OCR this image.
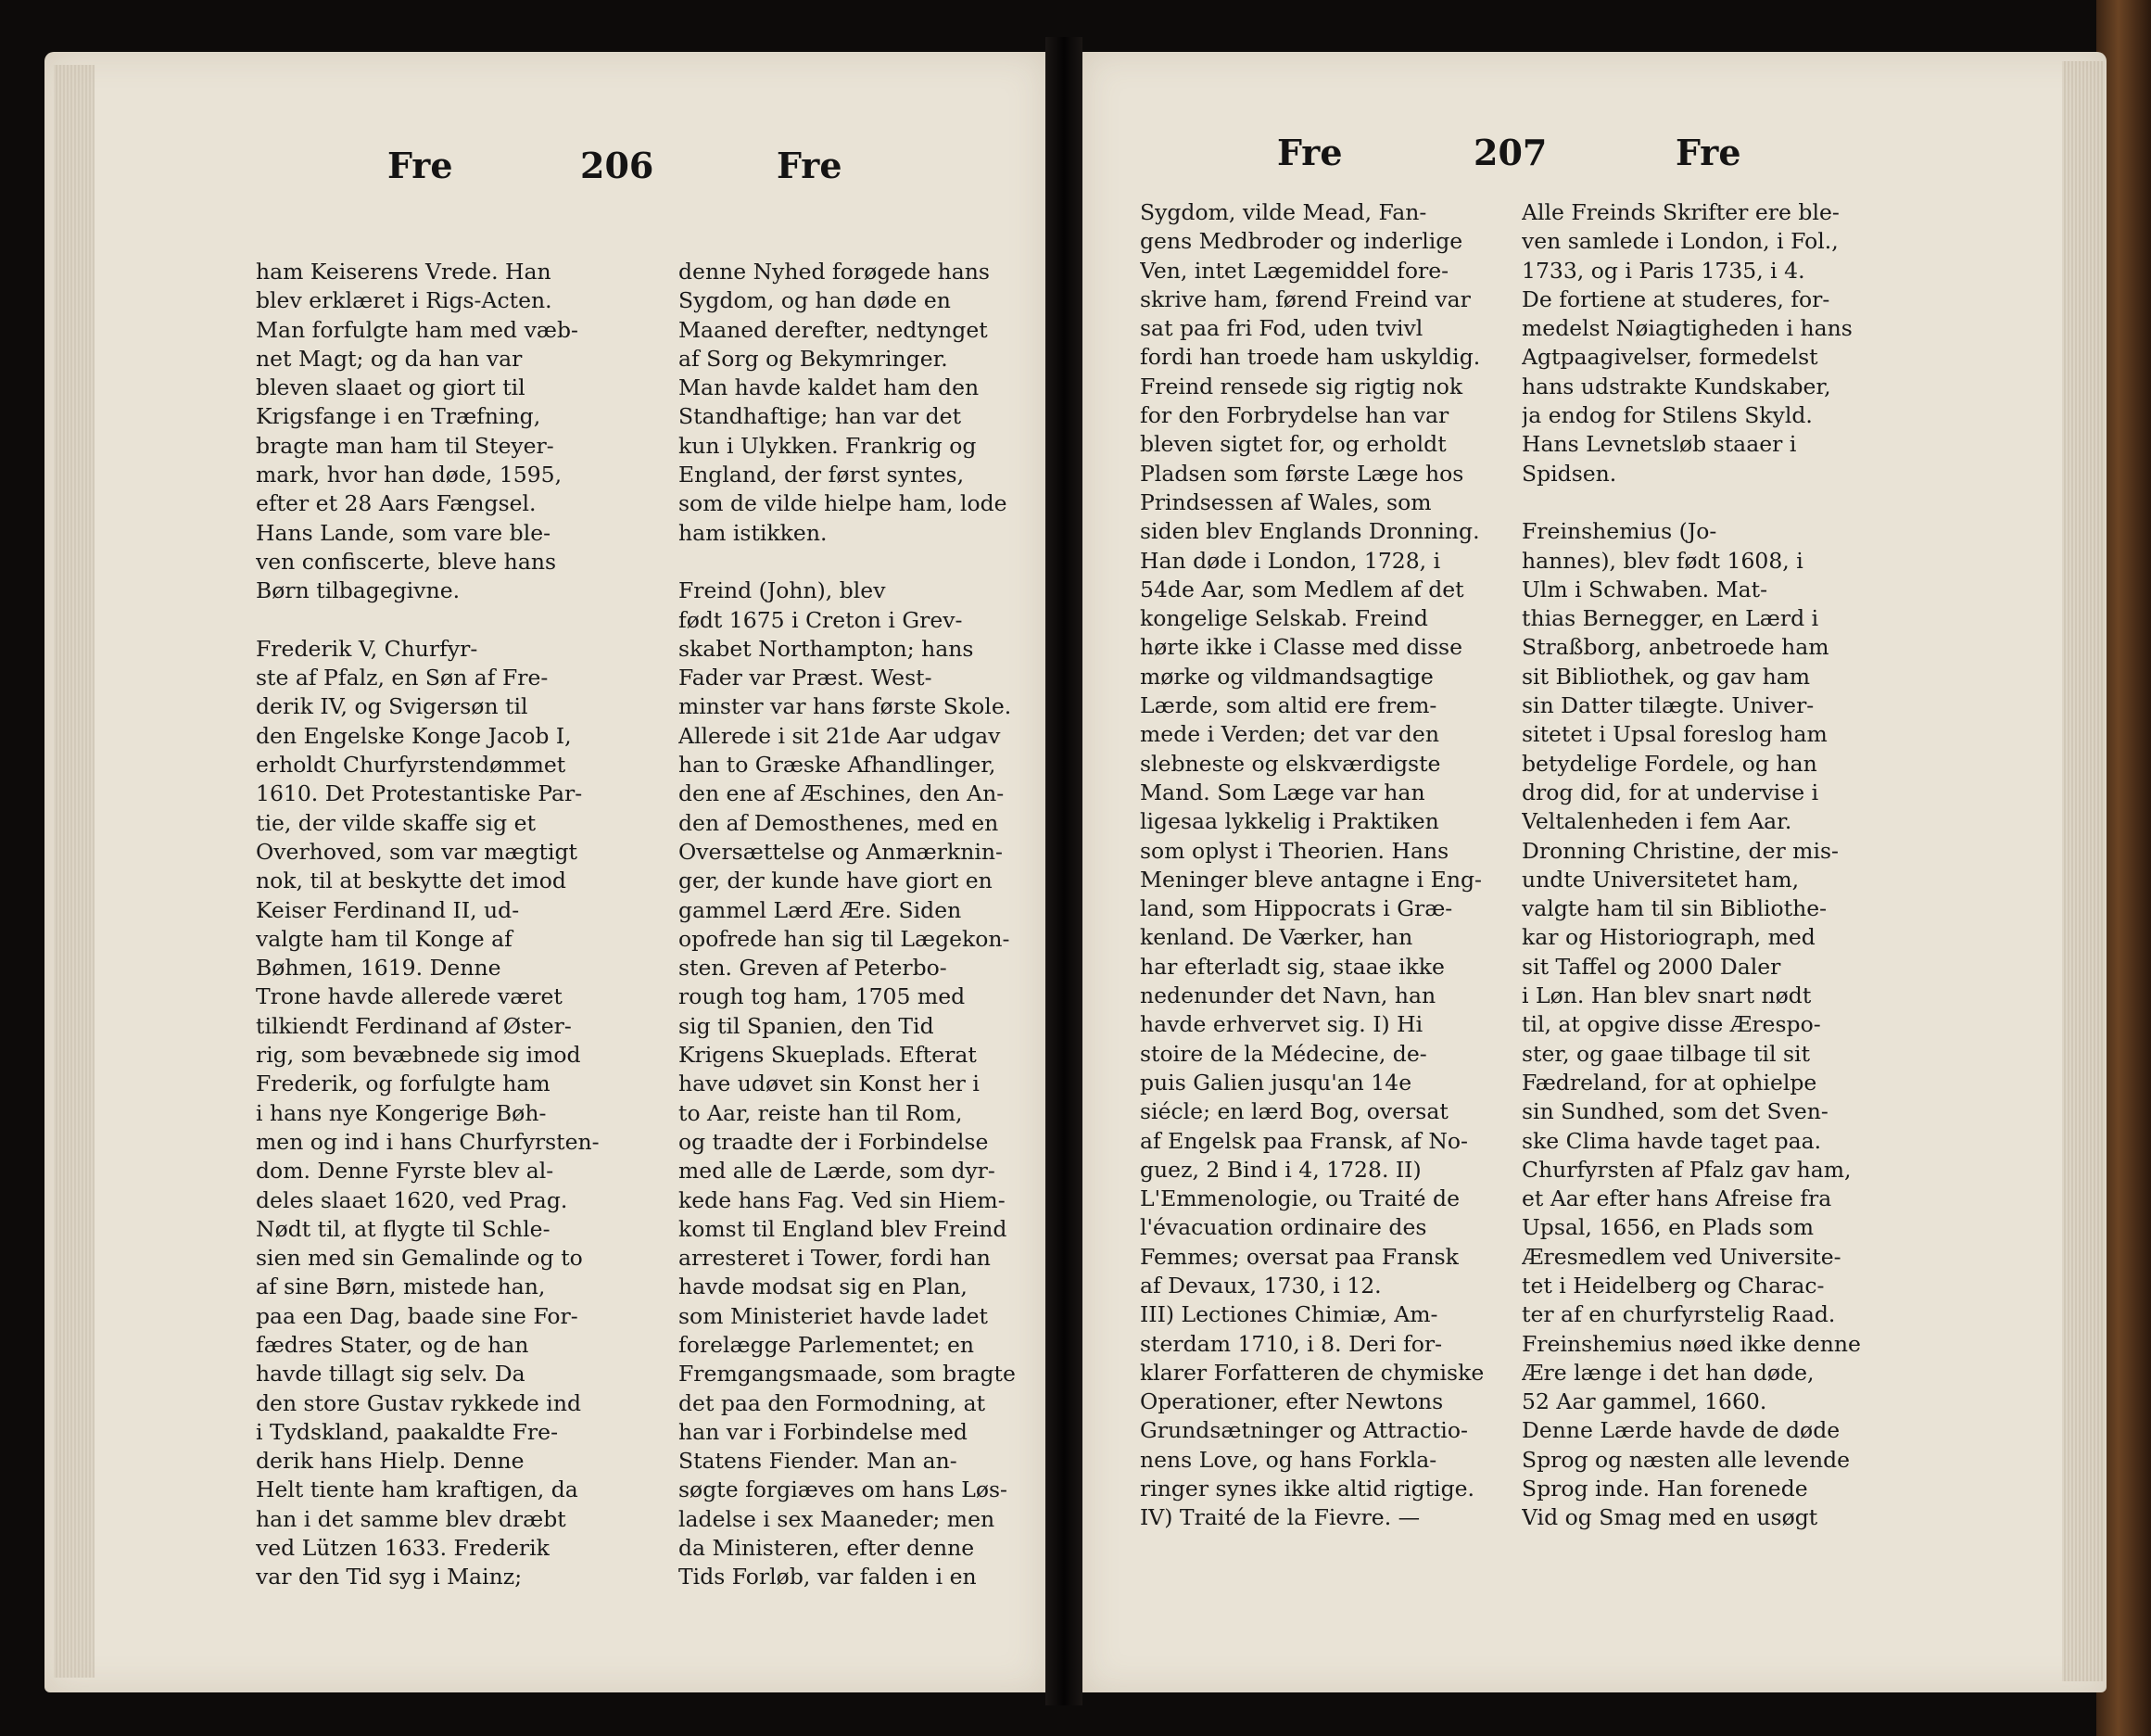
Fre	206	Fre
ham Keiserens Vrede. Han
blev erklæret i Rigs-Acten.
Man forfulgte ham med væb-
net Magt; og da han var
bleven slaaet og giort til
Krigsfange i en Træfning,
bragte man ham til Steyer-
mark, hvor han døde, 1595,
efter et 28 Aars Fængsel.
Hans Lande, som vare ble-
ven confiscerte, bleve hans
Børn tilbagegivne.

Frederik V, Churfyr-
ste af Pfalz, en Søn af Fre-
derik IV, og Svigersøn til
den Engelske Konge Jacob I,
erholdt Churfyrstendømmet
1610. Det Protestantiske Par-
tie, der vilde skaffe sig et
Overhoved, som var mægtigt
nok, til at beskytte det imod
Keiser Ferdinand II, ud-
valgte ham til Konge af
Bøhmen, 1619. Denne
Trone havde allerede været
tilkiendt Ferdinand af Øster-
rig, som bevæbnede sig imod
Frederik, og forfulgte ham
i hans nye Kongerige Bøh-
men og ind i hans Churfyrsten-
dom. Denne Fyrste blev al-
deles slaaet 1620, ved Prag.
Nødt til, at flygte til Schle-
sien med sin Gemalinde og to
af sine Børn, mistede han,
paa een Dag, baade sine For-
fædres Stater, og de han
havde tillagt sig selv. Da
den store Gustav rykkede ind
i Tydskland, paakaldte Fre-
derik hans Hielp. Denne
Helt tiente ham kraftigen, da
han i det samme blev dræbt
ved Lützen 1633. Frederik
var den Tid syg i Mainz;
denne Nyhed forøgede hans
Sygdom, og han døde en
Maaned derefter, nedtynget
af Sorg og Bekymringer.
Man havde kaldet ham den
Standhaftige; han var det
kun i Ulykken. Frankrig og
England, der først syntes,
som de vilde hielpe ham, lode
ham istikken.

Freind (John), blev
født 1675 i Creton i Grev-
skabet Northampton; hans
Fader var Præst. West-
minster var hans første Skole.
Allerede i sit 21de Aar udgav
han to Græske Afhandlinger,
den ene af Æschines, den An-
den af Demosthenes, med en
Oversættelse og Anmærknin-
ger, der kunde have giort en
gammel Lærd Ære. Siden
opofrede han sig til Lægekon-
sten. Greven af Peterbo-
rough tog ham, 1705 med
sig til Spanien, den Tid
Krigens Skueplads. Efterat
have udøvet sin Konst her i
to Aar, reiste han til Rom,
og traadte der i Forbindelse
med alle de Lærde, som dyr-
kede hans Fag. Ved sin Hiem-
komst til England blev Freind
arresteret i Tower, fordi han
havde modsat sig en Plan,
som Ministeriet havde ladet
forelægge Parlementet; en
Fremgangsmaade, som bragte
det paa den Formodning, at
han var i Forbindelse med
Statens Fiender. Man an-
søgte forgiæves om hans Løs-
ladelse i sex Maaneder; men
da Ministeren, efter denne
Tids Forløb, var falden i en
Fre	207	Fre
Sygdom, vilde Mead, Fan-
gens Medbroder og inderlige
Ven, intet Lægemiddel fore-
skrive ham, førend Freind var
sat paa fri Fod, uden tvivl
fordi han troede ham uskyldig.
Freind rensede sig rigtig nok
for den Forbrydelse han var
bleven sigtet for, og erholdt
Pladsen som første Læge hos
Prindsessen af Wales, som
siden blev Englands Dronning.
Han døde i London, 1728, i
54de Aar, som Medlem af det
kongelige Selskab. Freind
hørte ikke i Classe med disse
mørke og vildmandsagtige
Lærde, som altid ere frem-
mede i Verden; det var den
slebneste og elskværdigste
Mand. Som Læge var han
ligesaa lykkelig i Praktiken
som oplyst i Theorien. Hans
Meninger bleve antagne i Eng-
land, som Hippocrats i Græ-
kenland. De Værker, han
har efterladt sig, staae ikke
nedenunder det Navn, han
havde erhvervet sig. I) Hi
stoire de la Médecine, de-
puis Galien jusqu'an 14e
siécle; en lærd Bog, oversat
af Engelsk paa Fransk, af No-
guez, 2 Bind i 4, 1728. II)
L'Emmenologie, ou Traité de
l'évacuation ordinaire des
Femmes; oversat paa Fransk
af Devaux, 1730, i 12.
III) Lectiones Chimiæ, Am-
sterdam 1710, i 8. Deri for-
klarer Forfatteren de chymiske
Operationer, efter Newtons
Grundsætninger og Attractio-
nens Love, og hans Forkla-
ringer synes ikke altid rigtige.
IV) Traité de la Fievre. —
Alle Freinds Skrifter ere ble-
ven samlede i London, i Fol.,
1733, og i Paris 1735, i 4.
De fortiene at studeres, for-
medelst Nøiagtigheden i hans
Agtpaagivelser, formedelst
hans udstrakte Kundskaber,
ja endog for Stilens Skyld.
Hans Levnetsløb staaer i
Spidsen.

Freinshemius (Jo-
hannes), blev født 1608, i
Ulm i Schwaben. Mat-
thias Bernegger, en Lærd i
Straßborg, anbetroede ham
sit Bibliothek, og gav ham
sin Datter tilægte. Univer-
sitetet i Upsal foreslog ham
betydelige Fordele, og han
drog did, for at undervise i
Veltalenheden i fem Aar.
Dronning Christine, der mis-
undte Universitetet ham,
valgte ham til sin Bibliothe-
kar og Historiograph, med
sit Taffel og 2000 Daler
i Løn. Han blev snart nødt
til, at opgive disse Ærespo-
ster, og gaae tilbage til sit
Fædreland, for at ophielpe
sin Sundhed, som det Sven-
ske Clima havde taget paa.
Churfyrsten af Pfalz gav ham,
et Aar efter hans Afreise fra
Upsal, 1656, en Plads som
Æresmedlem ved Universite-
tet i Heidelberg og Charac-
ter af en churfyrstelig Raad.
Freinshemius nøed ikke denne
Ære længe i det han døde,
52 Aar gammel, 1660.
Denne Lærde havde de døde
Sprog og næsten alle levende
Sprog inde. Han forenede
Vid og Smag med en usøgt
